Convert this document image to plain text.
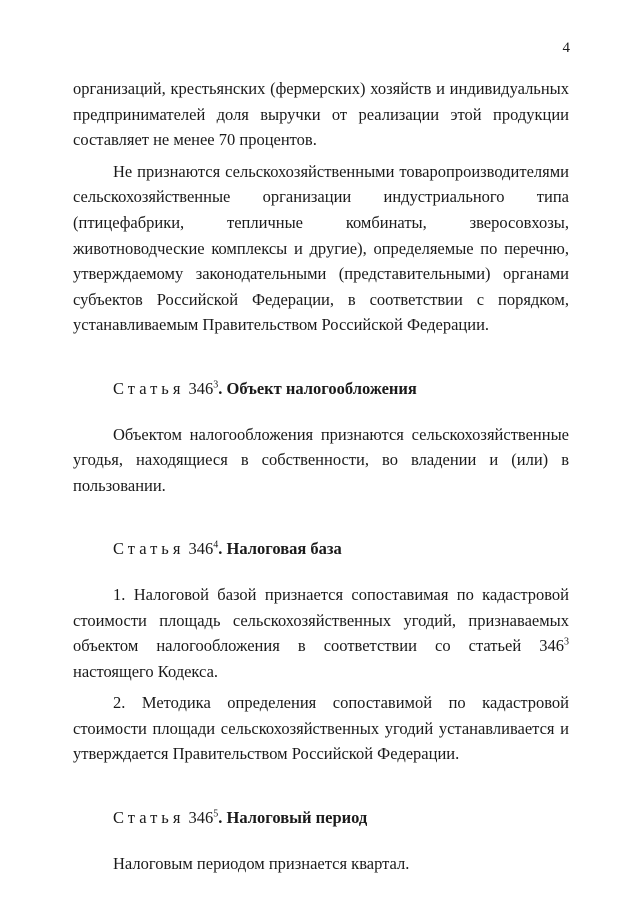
4

организаций, крестьянских (фермерских) хозяйств и индивидуальных предпринимателей доля выручки от реализации этой продукции составляет не менее 70 процентов.

Не признаются сельскохозяйственными товаропроизводителями сельскохозяйственные организации индустриального типа (птицефабрики, тепличные комбинаты, зверосовхозы, животноводческие комплексы и другие), определяемые по перечню, утверждаемому законодательными (представительными) органами субъектов Российской Федерации, в соответствии с порядком, устанавливаемым Правительством Российской Федерации.

Статья $346^3$. Объект налогообложения

Объектом налогообложения признаются сельскохозяйственные угодья, находящиеся в собственности, во владении и (или) в пользовании.

Статья $346^4$. Налоговая база

1. Налоговой базой признается сопоставимая по кадастровой стоимости площадь сельскохозяйственных угодий, признаваемых объектом налогообложения в соответствии со статьей $346^3$ настоящего Кодекса.

2. Методика определения сопоставимой по кадастровой стоимости площади сельскохозяйственных угодий устанавливается и утверждается Правительством Российской Федерации.

Статья $346^5$. Налоговый период

Налоговым периодом признается квартал.
